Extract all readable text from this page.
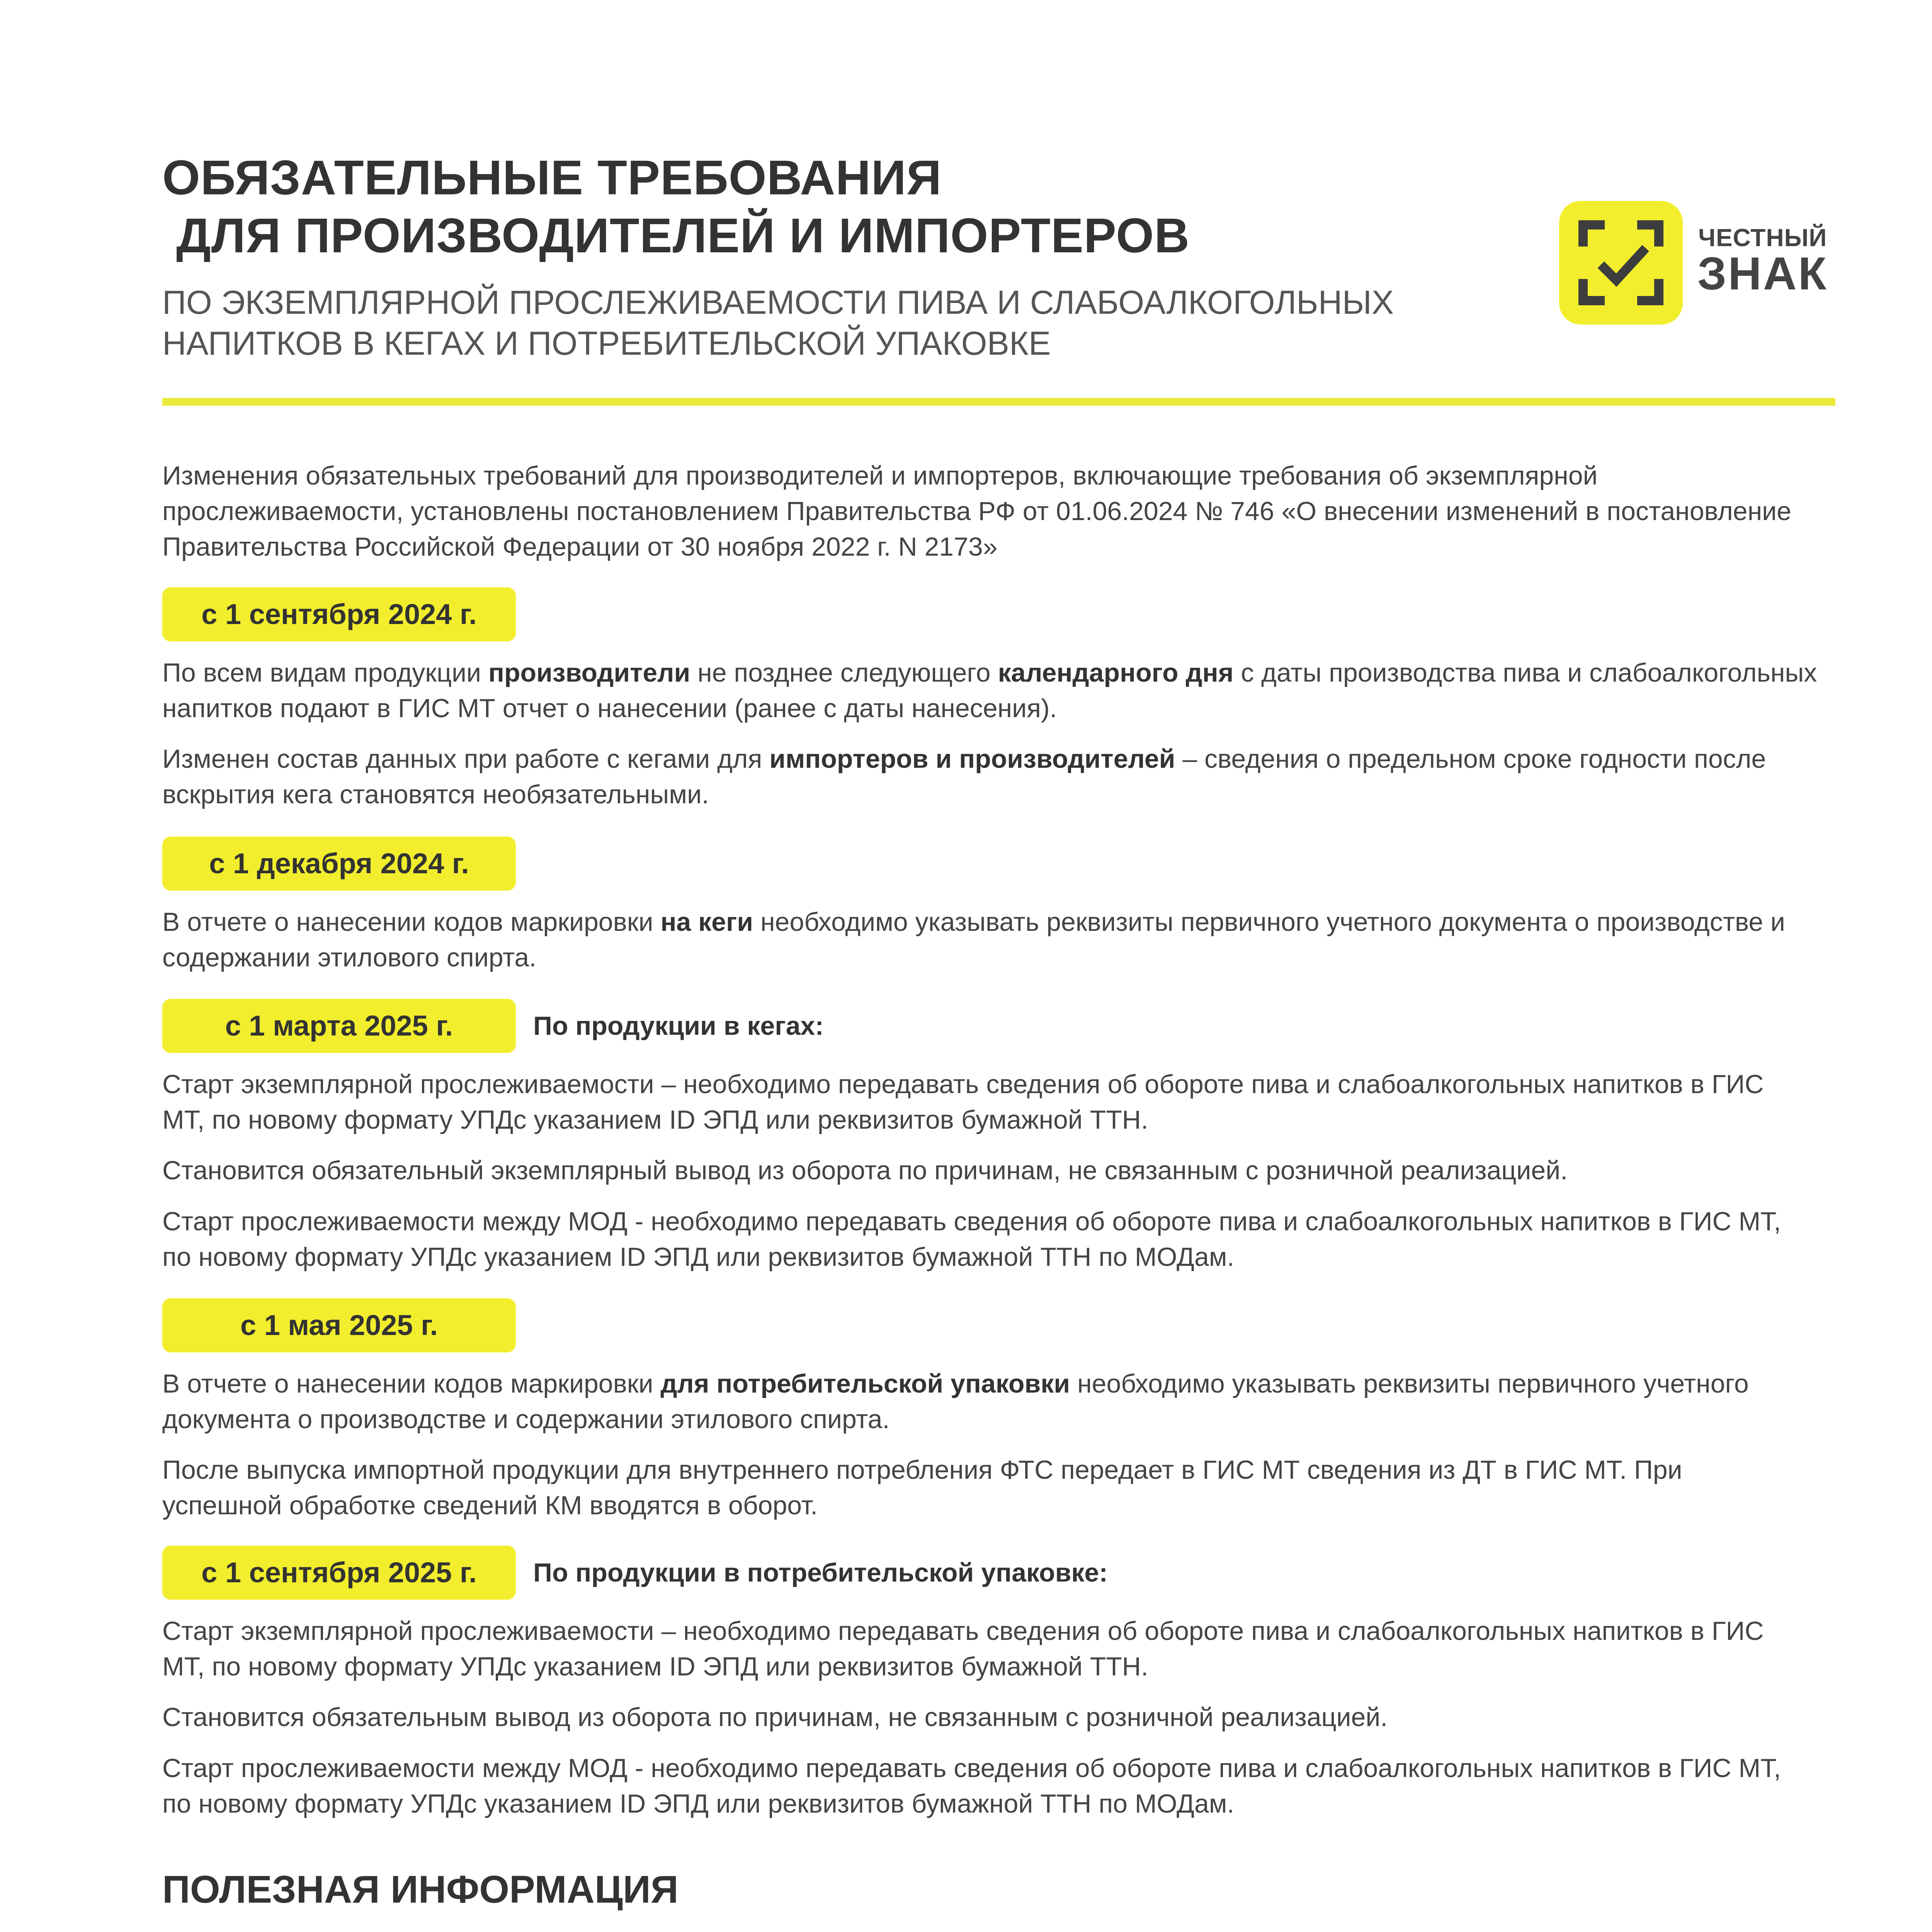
ОБЯЗАТЕЛЬНЫЕ ТРЕБОВАНИЯ
ДЛЯ ПРОИЗВОДИТЕЛЕЙ И ИМПОРТЕРОВ

ПО ЭКЗЕМПЛЯРНОЙ ПРОСЛЕЖИВАЕМОСТИ ПИВА И СЛАБОАЛКОГОЛЬНЫХ
НАПИТКОВ В КЕГАХ И ПОТРЕБИТЕЛЬСКОЙ УПАКОВКЕ

ЧЕСТНЫЙ
ЗНАК

Изменения обязательных требований для производителей и импортеров, включающие требования об экземплярной
прослеживаемости, установлены постановлением Правительства РФ от 01.06.2024 № 746 «О внесении изменений в постановление
Правительства Российской Федерации от 30 ноября 2022 г. N 2173»

с 1 сентября 2024 г.

По всем видам продукции производители не позднее следующего календарного дня с даты производства пива и слабоалкогольных
напитков подают в ГИС МТ отчет о нанесении (ранее с даты нанесения).

Изменен состав данных при работе с кегами для импортеров и производителей – сведения о предельном сроке годности после
вскрытия кега становятся необязательными.

с 1 декабря 2024 г.

В отчете о нанесении кодов маркировки на кеги необходимо указывать реквизиты первичного учетного документа о производстве и
содержании этилового спирта.

с 1 марта 2025 г.	По продукции в кегах:

Старт экземплярной прослеживаемости – необходимо передавать сведения об обороте пива и слабоалкогольных напитков в ГИС
МТ, по новому формату УПДс указанием ID ЭПД или реквизитов бумажной ТТН.

Становится обязательный экземплярный вывод из оборота по причинам, не связанным с розничной реализацией.

Старт прослеживаемости между МОД - необходимо передавать сведения об обороте пива и слабоалкогольных напитков в ГИС МТ,
по новому формату УПДс указанием ID ЭПД или реквизитов бумажной ТТН по МОДам.

с 1 мая 2025 г.

В отчете о нанесении кодов маркировки для потребительской упаковки необходимо указывать реквизиты первичного учетного
документа о производстве и содержании этилового спирта.

После выпуска импортной продукции для внутреннего потребления ФТС передает в ГИС МТ сведения из ДТ в ГИС МТ. При
успешной обработке сведений КМ вводятся в оборот.

с 1 сентября 2025 г.	По продукции в потребительской упаковке:

Старт экземплярной прослеживаемости – необходимо передавать сведения об обороте пива и слабоалкогольных напитков в ГИС
МТ, по новому формату УПДс указанием ID ЭПД или реквизитов бумажной ТТН.

Становится обязательным вывод из оборота по причинам, не связанным с розничной реализацией.

Старт прослеживаемости между МОД - необходимо передавать сведения об обороте пива и слабоалкогольных напитков в ГИС МТ,
по новому формату УПДс указанием ID ЭПД или реквизитов бумажной ТТН по МОДам.

ПОЛЕЗНАЯ ИНФОРМАЦИЯ
